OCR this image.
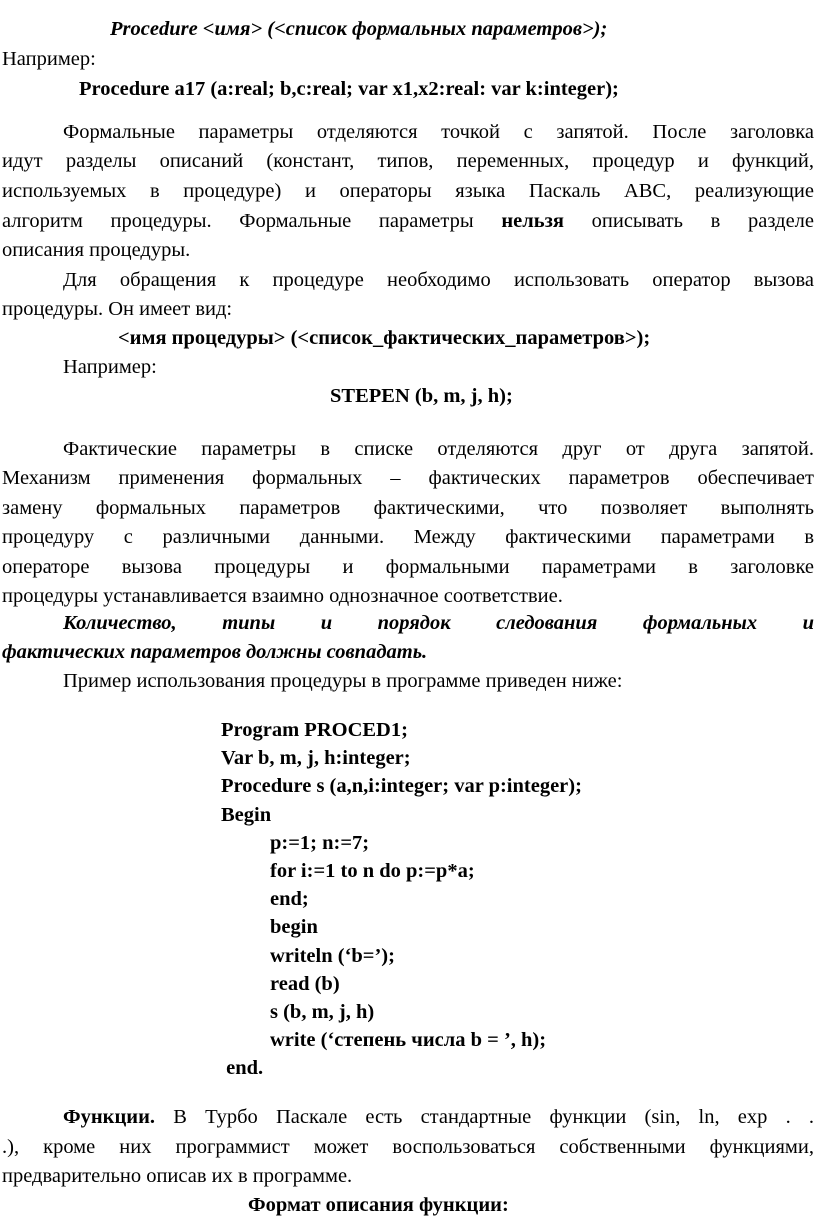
Procedure <имя> (<список формальных параметров>);
Например:
Procedure a17 (a:real; b,c:real; var x1,x2:real: var k:integer);
Формальные параметры отделяются точкой с запятой. После заголовка
идут разделы описаний (констант, типов, переменных, процедур и функций,
используемых в процедуре) и операторы языка Паскаль ABC, реализующие
алгоритм процедуры. Формальные параметры нельзя описывать в разделе
описания процедуры.
Для обращения к процедуре необходимо использовать оператор вызова
процедуры. Он имеет вид:
<имя процедуры> (<список_фактических_параметров>);
Например:
STEPEN (b, m, j, h);
Фактические параметры в списке отделяются друг от друга запятой.
Механизм применения формальных – фактических параметров обеспечивает
замену формальных параметров фактическими, что позволяет выполнять
процедуру с различными данными. Между фактическими параметрами в
операторе вызова процедуры и формальными параметрами в заголовке
процедуры устанавливается взаимно однозначное соответствие.
Количество, типы и порядок следования формальных и
фактических параметров должны совпадать.
Пример использования процедуры в программе приведен ниже:
Program PROCED1;
Var b, m, j, h:integer;
Procedure s (a,n,i:integer; var p:integer);
Begin
p:=1; n:=7;
for i:=1 to n do p:=p*a;
end;
begin
writeln (‘b=’);
read (b)
s (b, m, j, h)
write (‘степень числа b = ’, h);
end.
Функции. В Турбо Паскале есть стандартные функции (sin, ln, exp . .
.), кроме них программист может воспользоваться собственными функциями,
предварительно описав их в программе.
Формат описания функции:
